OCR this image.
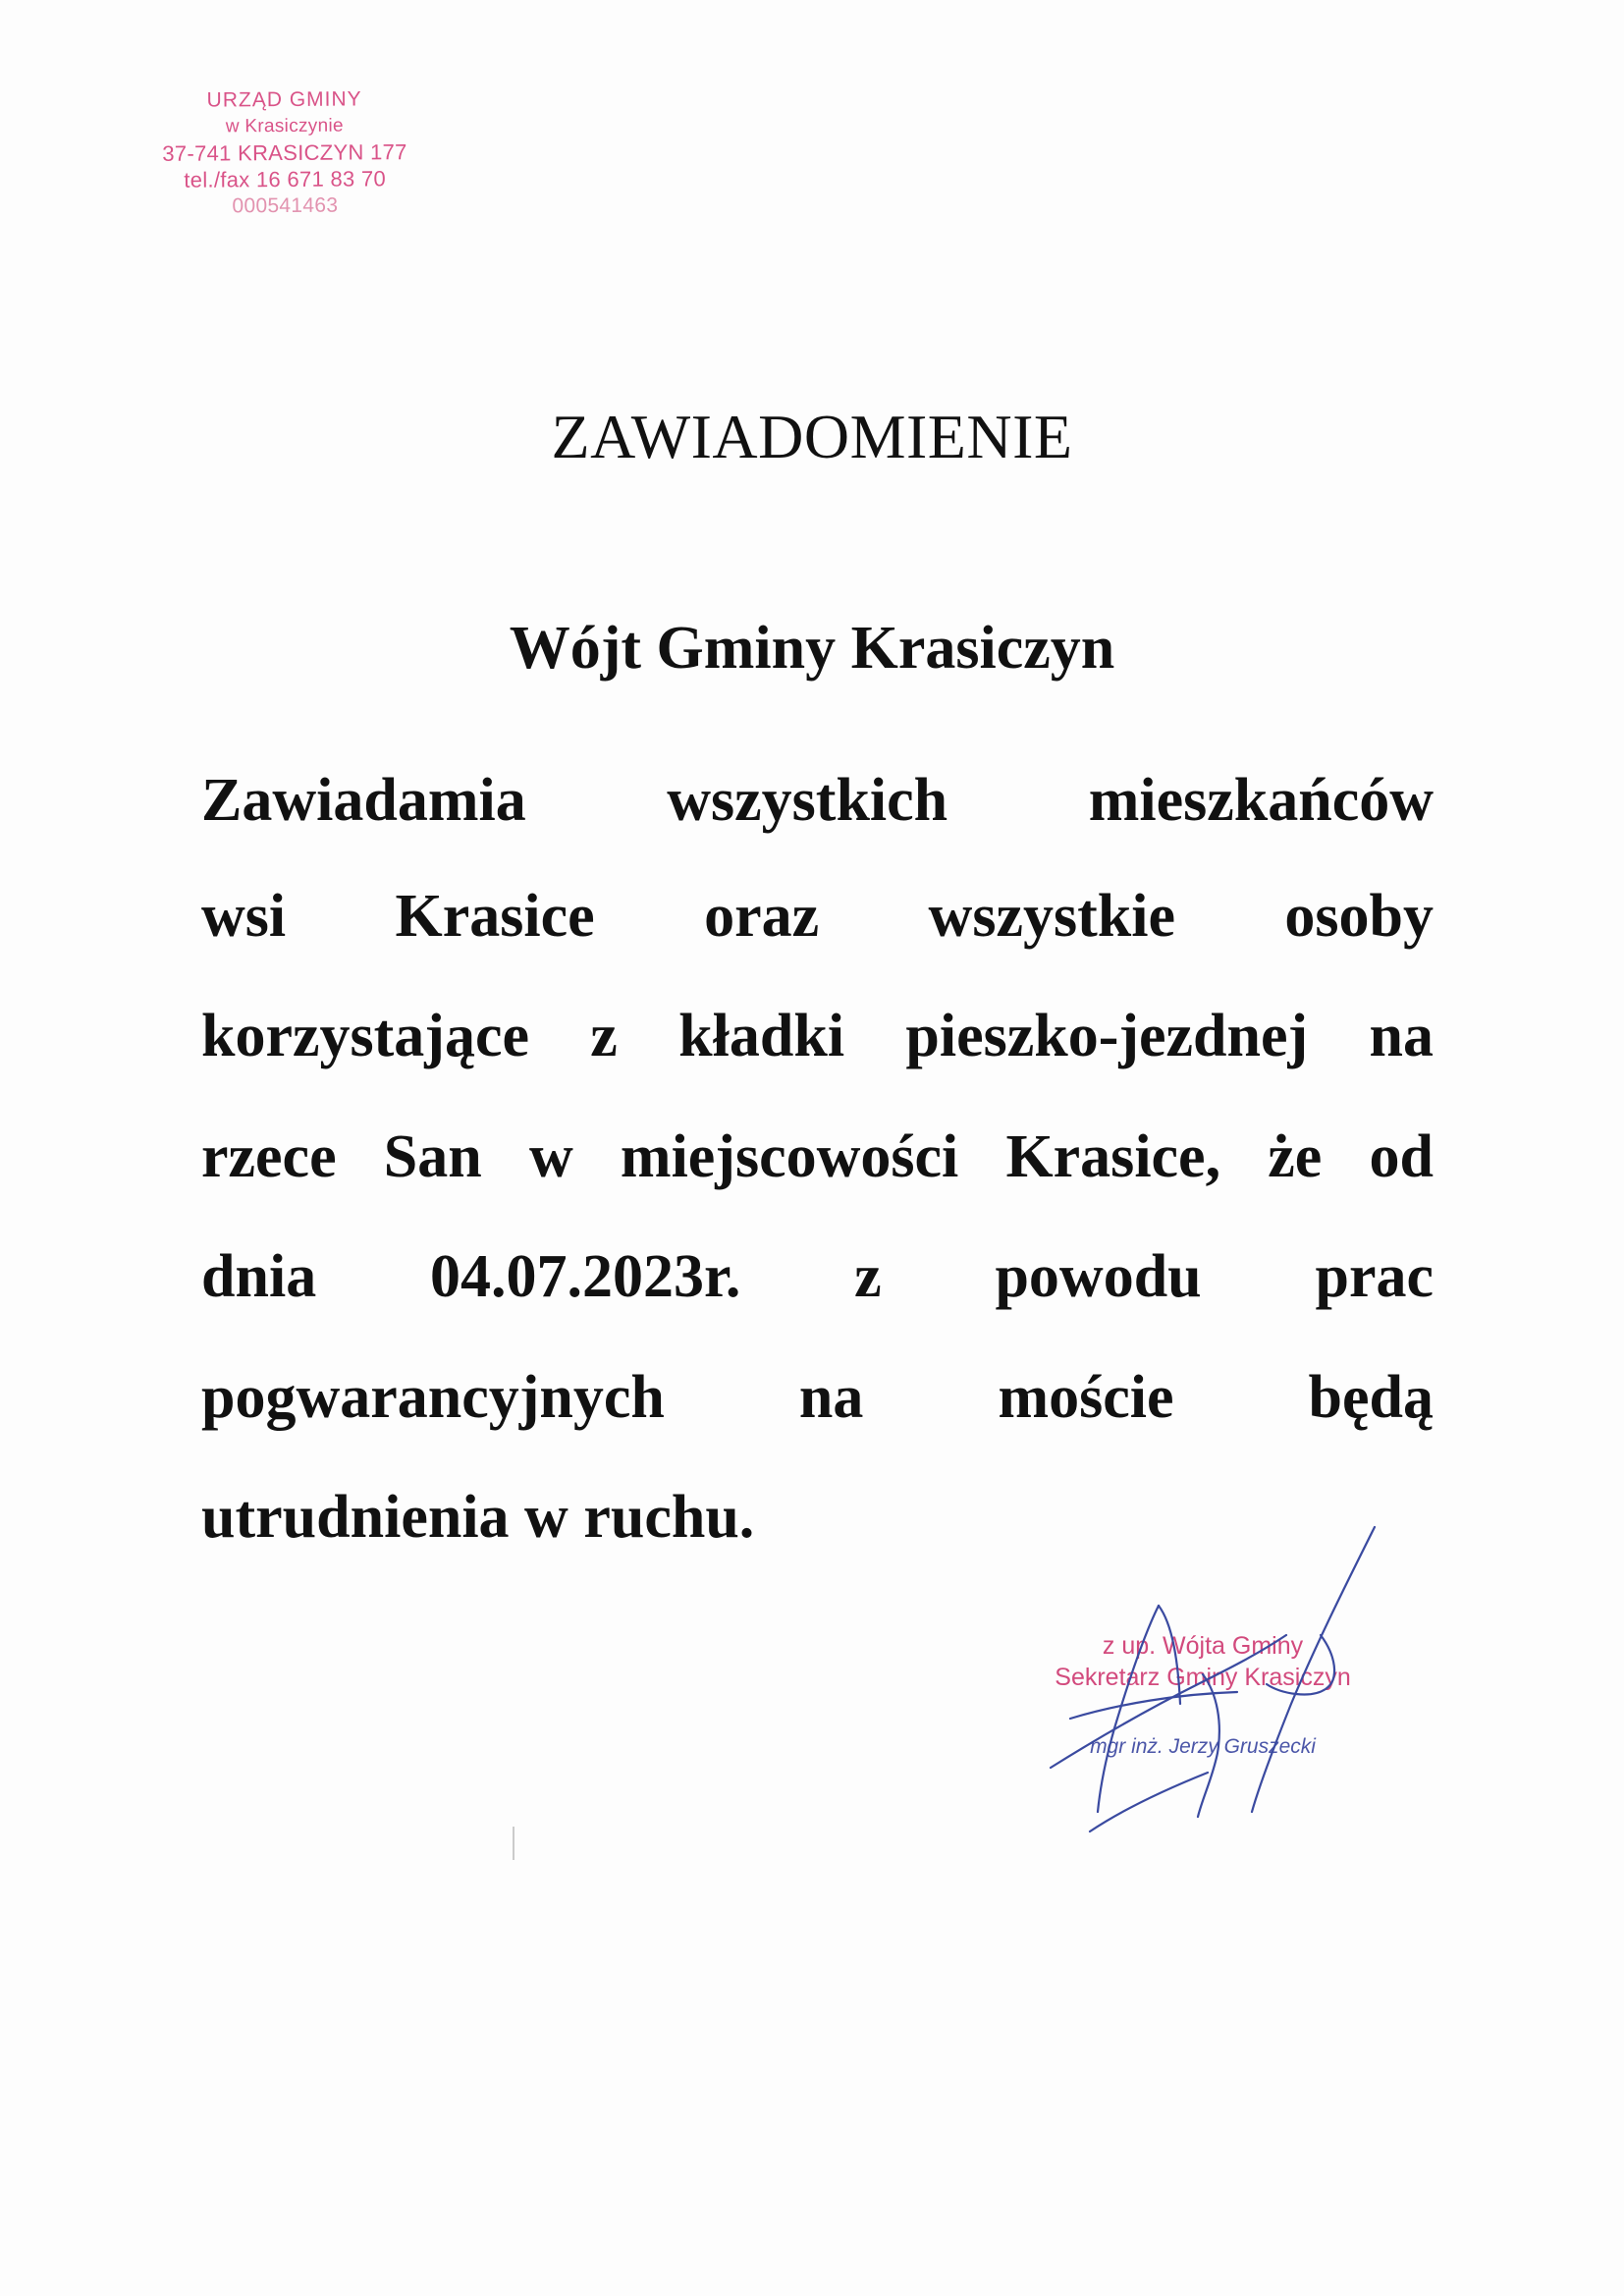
URZĄD GMINY
w Krasiczynie
37-741 KRASICZYN 177
tel./fax 16 671 83 70
000541463
ZAWIADOMIENIE
Wójt Gminy Krasiczyn
Zawiadamia wszystkich mieszkańców
wsi Krasice oraz wszystkie osoby
korzystające z kładki pieszko-jezdnej na
rzece San w miejscowości Krasice, że od
dnia 04.07.2023r. z powodu prac
pogwarancyjnych na moście będą
utrudnienia w ruchu.
z up. Wójta Gminy
Sekretarz Gminy Krasiczyn
mgr inż. Jerzy Gruszecki
